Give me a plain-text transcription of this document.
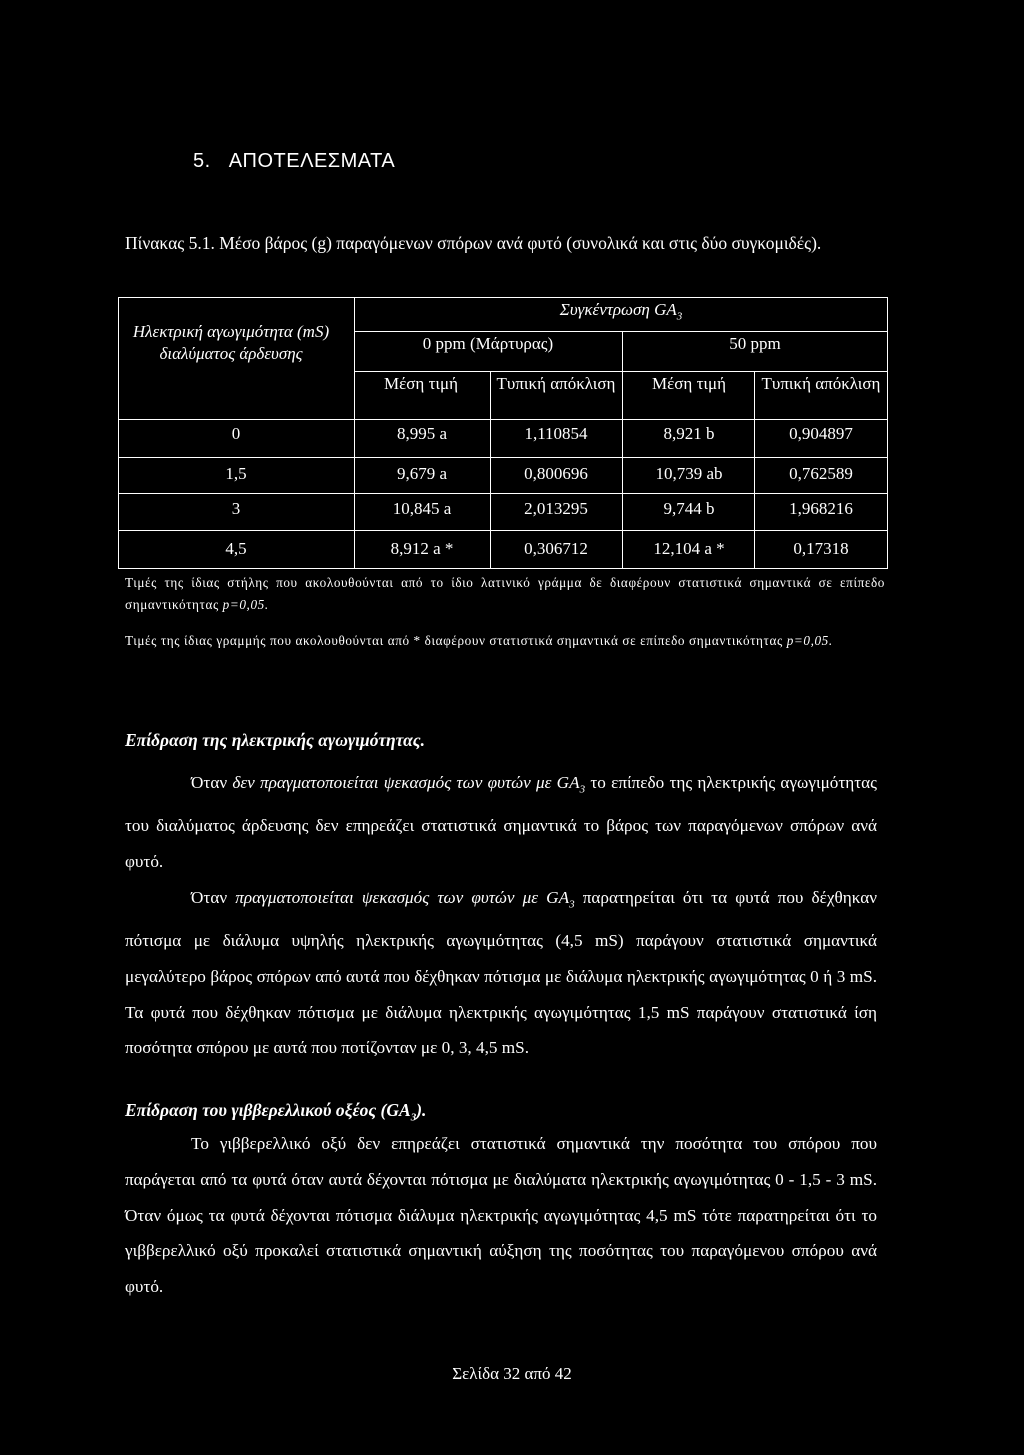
5. ΑΠΟΤΕΛΕΣΜΑΤΑ
Πίνακας 5.1. Μέσο βάρος (g) παραγόμενων σπόρων ανά φυτό (συνολικά και στις δύο συγκομιδές).
Ηλεκτρική αγωγιμότητα (mS) διαλύματος άρδευσης
Συγκέντρωση $GA_3$
0 ppm (Μάρτυρας)	50 ppm
Μέση τιμή	Τυπική απόκλιση	Μέση τιμή	Τυπική απόκλιση
0	8,995 a	1,110854	8,921 b	0,904897
1,5	9,679 a	0,800696	10,739 ab	0,762589
3	10,845 a	2,013295	9,744 b	1,968216
4,5	8,912 a *	0,306712	12,104 a *	0,17318
Τιμές της ίδιας στήλης που ακολουθούνται από το ίδιο λατινικό γράμμα δε διαφέρουν στατιστικά σημαντικά σε επίπεδο σημαντικότητας p=0,05.
Τιμές της ίδιας γραμμής που ακολουθούνται από * διαφέρουν στατιστικά σημαντικά σε επίπεδο σημαντικότητας p=0,05.
Επίδραση της ηλεκτρικής αγωγιμότητας.

Όταν δεν πραγματοποιείται ψεκασμός των φυτών με $GA_3$ το επίπεδο της ηλεκτρικής αγωγιμότητας του διαλύματος άρδευσης δεν επηρεάζει στατιστικά σημαντικά το βάρος των παραγόμενων σπόρων ανά φυτό.

Όταν πραγματοποιείται ψεκασμός των φυτών με $GA_3$ παρατηρείται ότι τα φυτά που δέχθηκαν πότισμα με διάλυμα υψηλής ηλεκτρικής αγωγιμότητας (4,5 mS) παράγουν στατιστικά σημαντικά μεγαλύτερο βάρος σπόρων από αυτά που δέχθηκαν πότισμα με διάλυμα ηλεκτρικής αγωγιμότητας 0 ή 3 mS. Τα φυτά που δέχθηκαν πότισμα με διάλυμα ηλεκτρικής αγωγιμότητας 1,5 mS παράγουν στατιστικά ίση ποσότητα σπόρου με αυτά που ποτίζονταν με 0, 3, 4,5 mS.

Επίδραση του γιββερελλικού οξέος $(GA_3)$.

Το γιββερελλικό οξύ δεν επηρεάζει στατιστικά σημαντικά την ποσότητα του σπόρου που παράγεται από τα φυτά όταν αυτά δέχονται πότισμα με διαλύματα ηλεκτρικής αγωγιμότητας 0 - 1,5 - 3 mS. Όταν όμως τα φυτά δέχονται πότισμα διάλυμα ηλεκτρικής αγωγιμότητας 4,5 mS τότε παρατηρείται ότι το γιββερελλικό οξύ προκαλεί στατιστικά σημαντική αύξηση της ποσότητας του παραγόμενου σπόρου ανά φυτό.

Σελίδα 32 από 42
